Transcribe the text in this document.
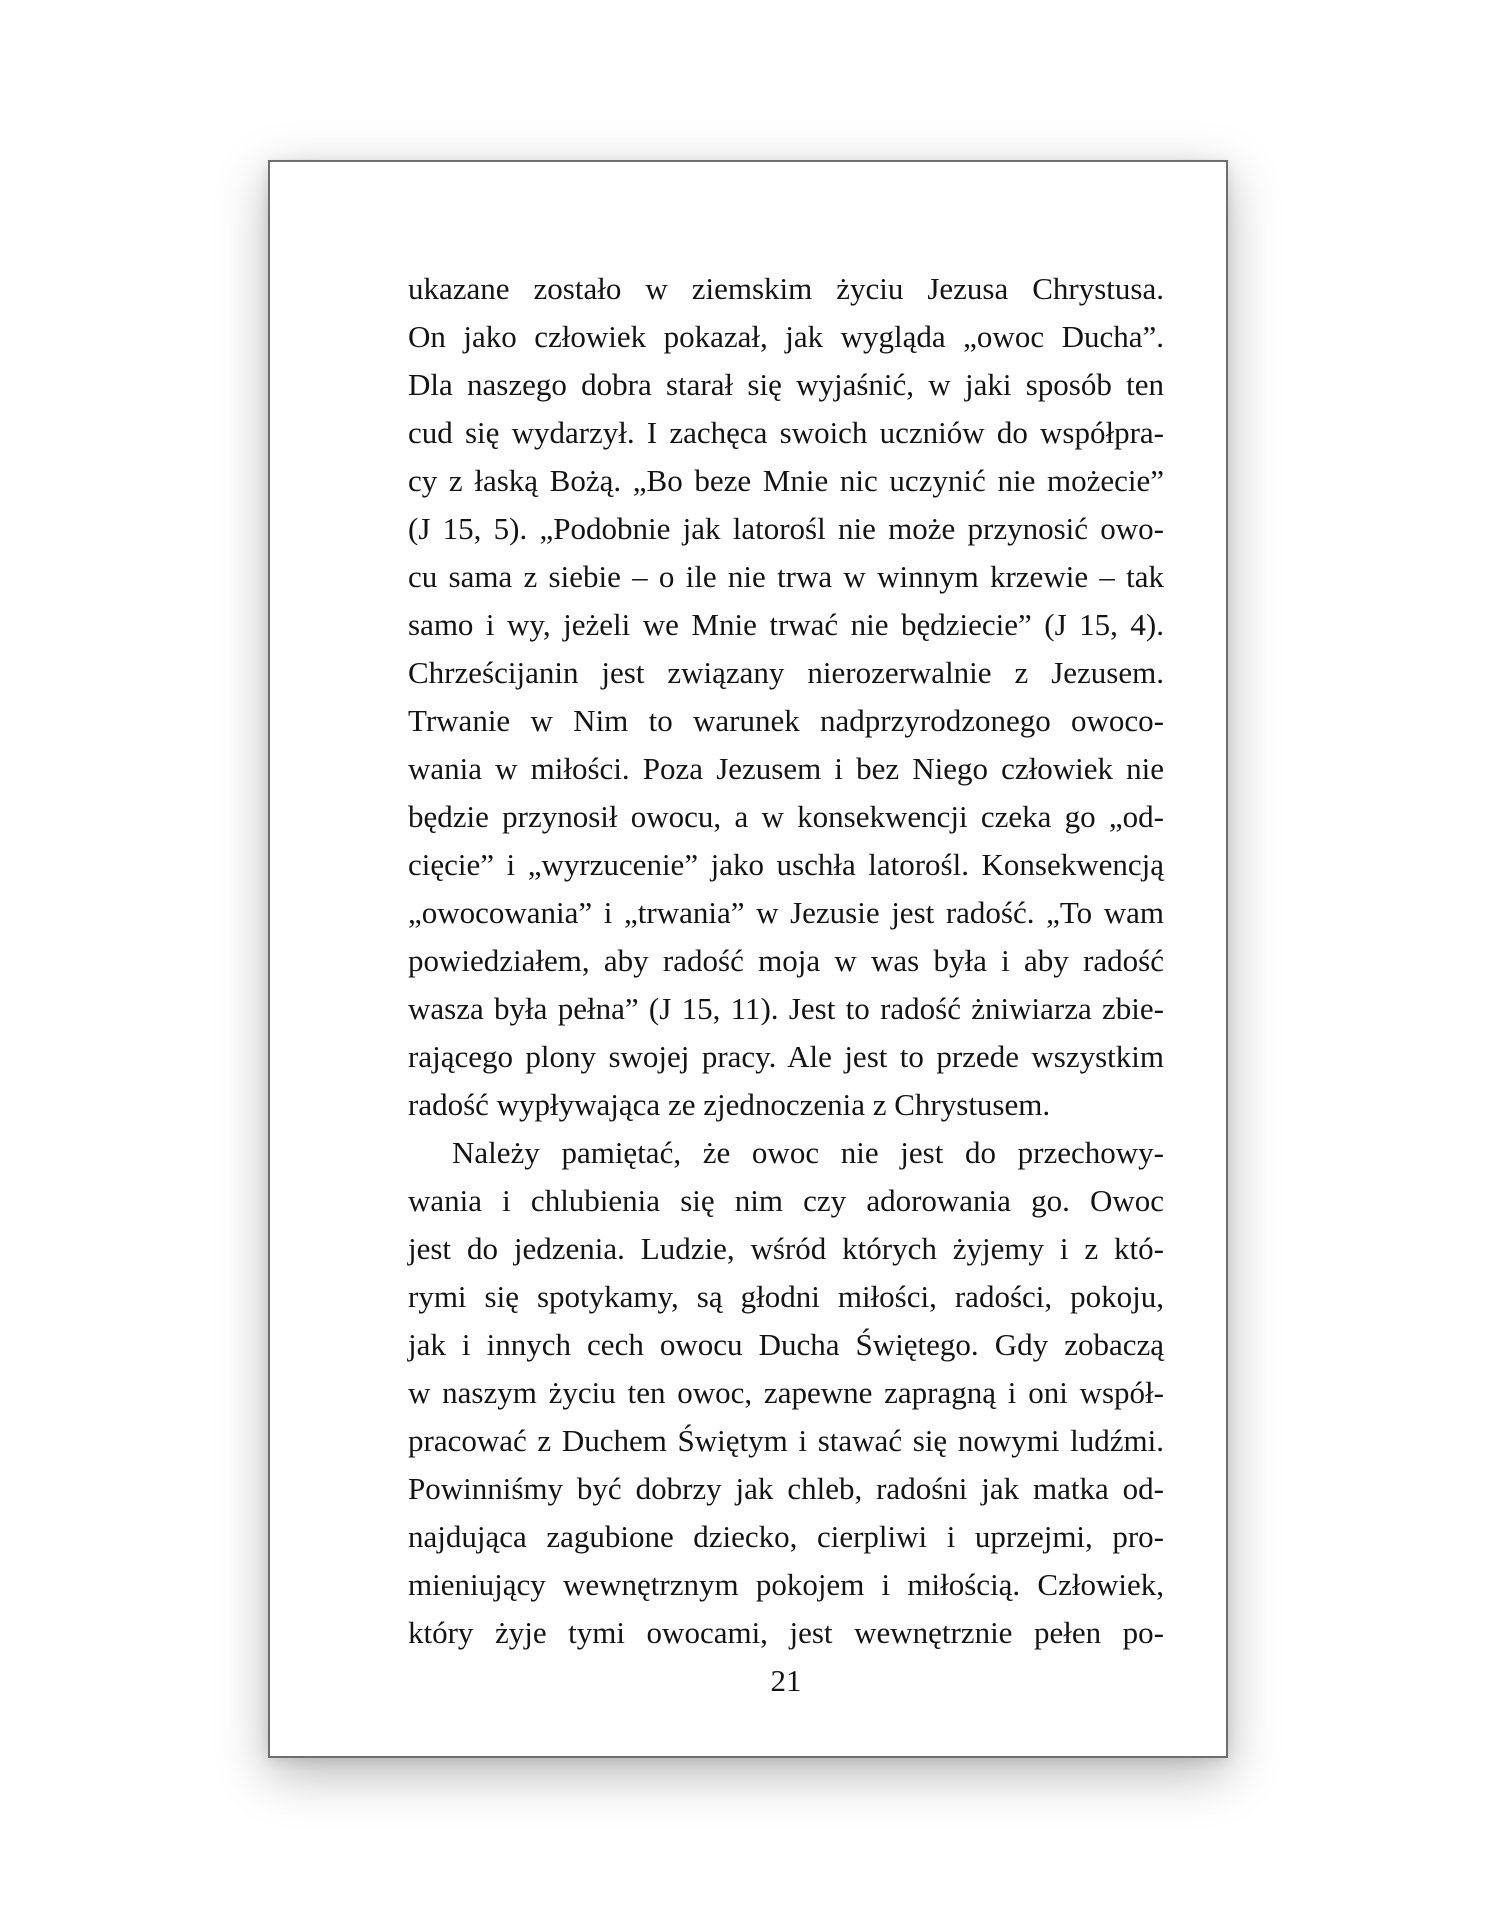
ukazane zostało w ziemskim życiu Jezusa Chrystusa.
On jako człowiek pokazał, jak wygląda „owoc Ducha”.
Dla naszego dobra starał się wyjaśnić, w jaki sposób ten
cud się wydarzył. I zachęca swoich uczniów do współpra-
cy z łaską Bożą. „Bo beze Mnie nic uczynić nie możecie”
(J 15, 5). „Podobnie jak latorośl nie może przynosić owo-
cu sama z siebie – o ile nie trwa w winnym krzewie – tak
samo i wy, jeżeli we Mnie trwać nie będziecie” (J 15, 4).
Chrześcijanin jest związany nierozerwalnie z Jezusem.
Trwanie w Nim to warunek nadprzyrodzonego owoco-
wania w miłości. Poza Jezusem i bez Niego człowiek nie
będzie przynosił owocu, a w konsekwencji czeka go „od-
cięcie” i „wyrzucenie” jako uschła latorośl. Konsekwencją
„owocowania” i „trwania” w Jezusie jest radość. „To wam
powiedziałem, aby radość moja w was była i aby radość
wasza była pełna” (J 15, 11). Jest to radość żniwiarza zbie-
rającego plony swojej pracy. Ale jest to przede wszystkim
radość wypływająca ze zjednoczenia z Chrystusem.
Należy pamiętać, że owoc nie jest do przechowy-
wania i chlubienia się nim czy adorowania go. Owoc
jest do jedzenia. Ludzie, wśród których żyjemy i z któ-
rymi się spotykamy, są głodni miłości, radości, pokoju,
jak i innych cech owocu Ducha Świętego. Gdy zobaczą
w naszym życiu ten owoc, zapewne zapragną i oni współ-
pracować z Duchem Świętym i stawać się nowymi ludźmi.
Powinniśmy być dobrzy jak chleb, radośni jak matka od-
najdująca zagubione dziecko, cierpliwi i uprzejmi, pro-
mieniujący wewnętrznym pokojem i miłością. Człowiek,
który żyje tymi owocami, jest wewnętrznie pełen po-
21
